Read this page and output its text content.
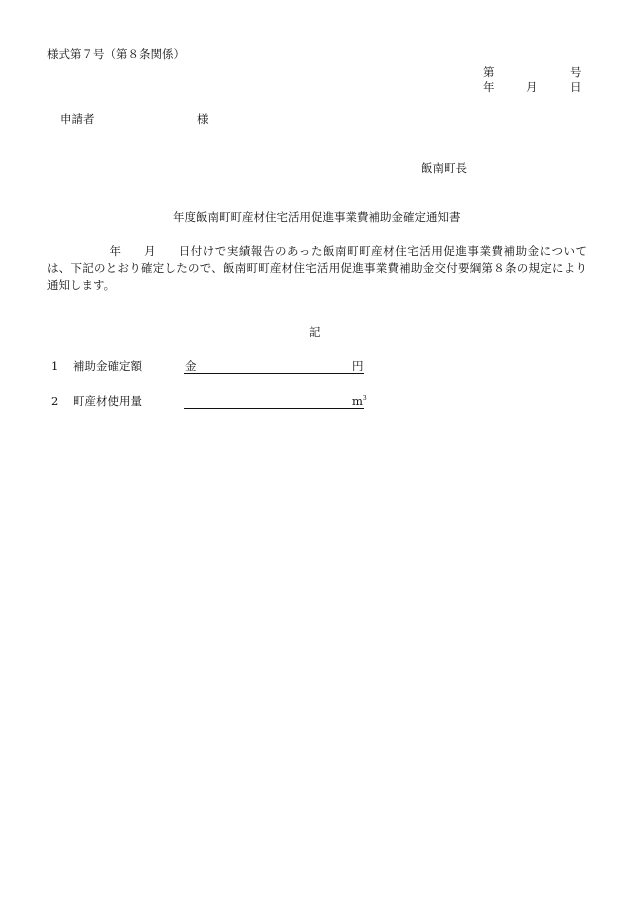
様式第７号（第８条関係）
第	号
年	月	日
申請者	様
飯南町長
年度飯南町町産材住宅活用促進事業費補助金確定通知書
年 月 日付けで実績報告のあった飯南町町産材住宅活用促進事業費補助金については、下記のとおり確定したので、飯南町町産材住宅活用促進事業費補助金交付要綱第８条の規定により通知します。
記
1 補助金確定額	金	円
2 町産材使用量	$m^3$
